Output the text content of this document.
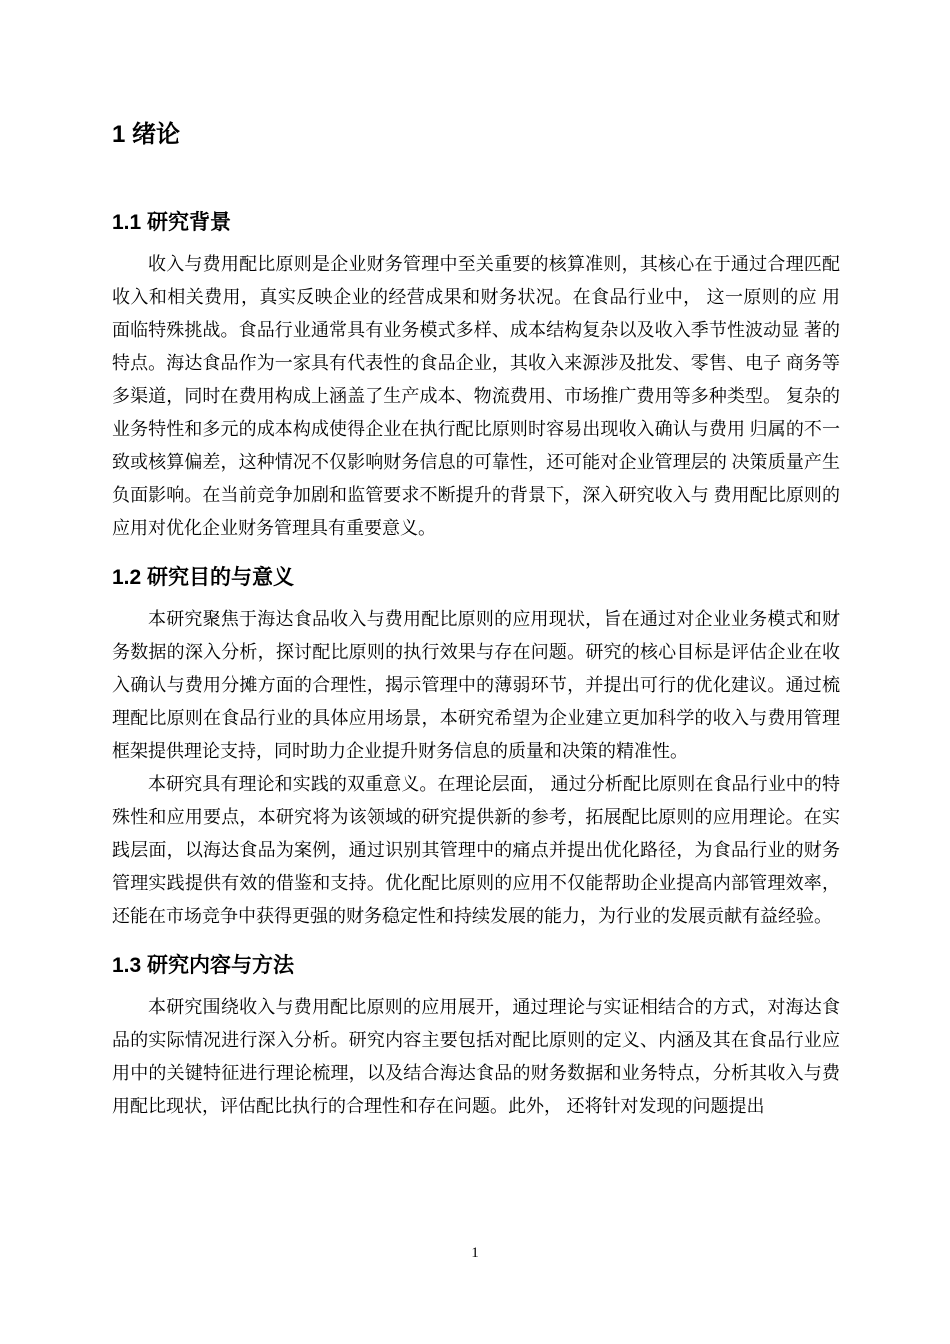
1 绪论
1.1 研究背景

收入与费用配比原则是企业财务管理中至关重要的核算准则，其核心在于通过合理匹配收入和相关费用，真实反映企业的经营成果和财务状况。在食品行业中， 这一原则的应 用面临特殊挑战。食品行业通常具有业务模式多样、成本结构复杂以及收入季节性波动显 著的特点。海达食品作为一家具有代表性的食品企业，其收入来源涉及批发、零售、电子 商务等多渠道，同时在费用构成上涵盖了生产成本、物流费用、市场推广费用等多种类型。 复杂的业务特性和多元的成本构成使得企业在执行配比原则时容易出现收入确认与费用 归属的不一致或核算偏差，这种情况不仅影响财务信息的可靠性，还可能对企业管理层的 决策质量产生负面影响。在当前竞争加剧和监管要求不断提升的背景下，深入研究收入与 费用配比原则的应用对优化企业财务管理具有重要意义。

1.2 研究目的与意义

本研究聚焦于海达食品收入与费用配比原则的应用现状，旨在通过对企业业务模式和财务数据的深入分析，探讨配比原则的执行效果与存在问题。研究的核心目标是评估企业在收入确认与费用分摊方面的合理性，揭示管理中的薄弱环节，并提出可行的优化建议。通过梳理配比原则在食品行业的具体应用场景，本研究希望为企业建立更加科学的收入与费用管理框架提供理论支持，同时助力企业提升财务信息的质量和决策的精准性。

本研究具有理论和实践的双重意义。在理论层面， 通过分析配比原则在食品行业中的特殊性和应用要点，本研究将为该领域的研究提供新的参考，拓展配比原则的应用理论。在实践层面，以海达食品为案例，通过识别其管理中的痛点并提出优化路径，为食品行业的财务管理实践提供有效的借鉴和支持。优化配比原则的应用不仅能帮助企业提高内部管理效率，还能在市场竞争中获得更强的财务稳定性和持续发展的能力，为行业的发展贡献有益经验。

1.3 研究内容与方法

本研究围绕收入与费用配比原则的应用展开，通过理论与实证相结合的方式，对海达食品的实际情况进行深入分析。研究内容主要包括对配比原则的定义、内涵及其在食品行业应用中的关键特征进行理论梳理，以及结合海达食品的财务数据和业务特点，分析其收入与费用配比现状，评估配比执行的合理性和存在问题。此外， 还将针对发现的问题提出

1
